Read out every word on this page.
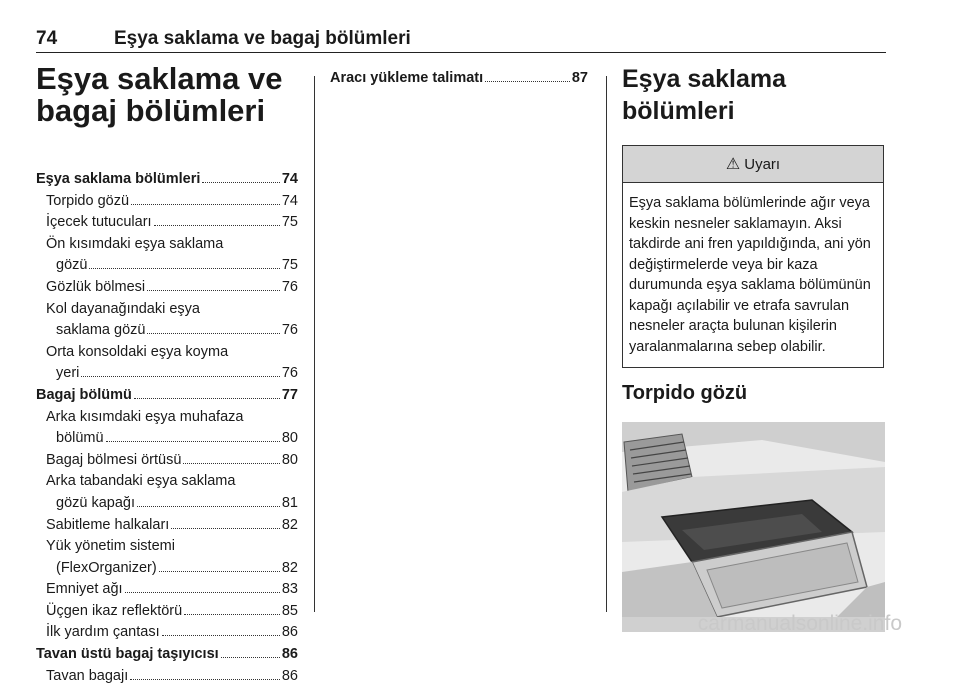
74	Eşya saklama ve bagaj bölümleri
Eşya saklama ve
bagaj bölümleri
Eşya saklama bölümleri	74
Torpido gözü	74
İçecek tutucuları	75
Ön kısımdaki eşya saklama
gözü	75
Gözlük bölmesi	76
Kol dayanağındaki eşya
saklama gözü	76
Orta konsoldaki eşya koyma
yeri	76
Bagaj bölümü	77
Arka kısımdaki eşya muhafaza
bölümü	80
Bagaj bölmesi örtüsü	80
Arka tabandaki eşya saklama
gözü kapağı	81
Sabitleme halkaları	82
Yük yönetim sistemi
(FlexOrganizer)	82
Emniyet ağı	83
Üçgen ikaz reflektörü	85
İlk yardım çantası	86
Tavan üstü bagaj taşıyıcısı	86
Tavan bagajı	86
Aracı yükleme talimatı	87 Eşya saklama bölümleri
⚠ Uyarı
Eşya saklama bölümlerinde ağır veya keskin nesneler saklamayın. Aksi takdirde ani fren yapıldığında, ani yön değiştirmelerde veya bir kaza durumunda eşya saklama bölümünün kapağı açılabilir ve etrafa savrulan nesneler araçta bulunan kişilerin yaralanmalarına sebep olabilir.
Torpido gözü
carmanualsonline.info
